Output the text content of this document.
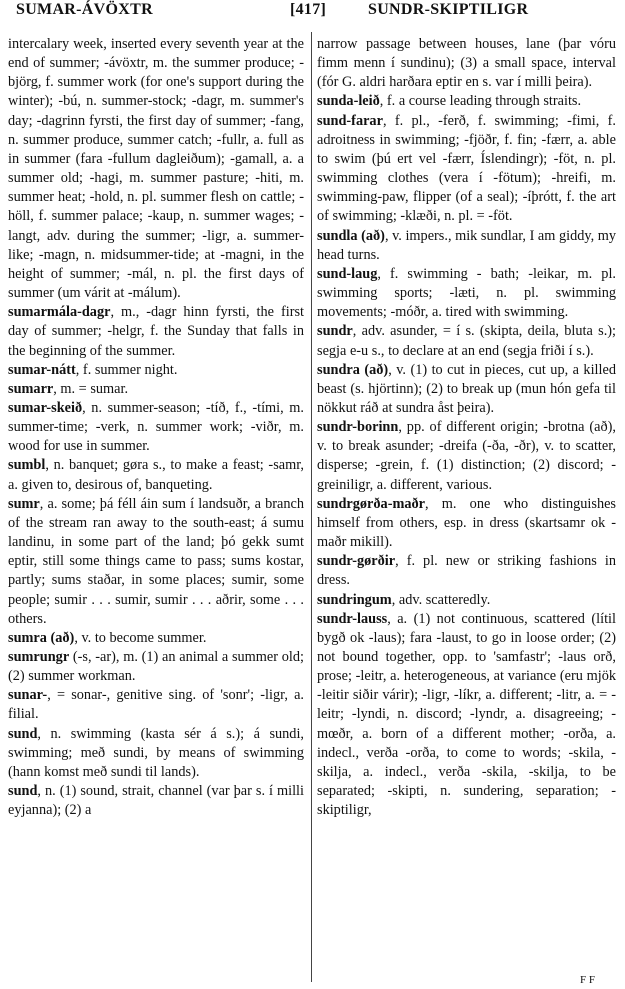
SUMAR-ÁVÖXTR	[417]	SUNDR-SKIPTILIGR

intercalary week, inserted every seventh year at the end of summer; -ávöxtr, m. the summer produce; -björg, f. summer work (for one's support during the winter); -bú, n. summer-stock; -dagr, m. summer's day; -dagrinn fyrsti, the first day of summer; -fang, n. summer produce, summer catch; -fullr, a. full as in summer (fara -fullum dagleiðum); -gamall, a. a summer old; -hagi, m. summer pasture; -hiti, m. summer heat; -hold, n. pl. summer flesh on cattle; -höll, f. summer palace; -kaup, n. summer wages; -langt, adv. during the summer; -ligr, a. summer-like; -magn, n. midsummer-tide; at -magni, in the height of summer; -mál, n. pl. the first days of summer (um várit at -málum).

sumarmála-dagr, m., -dagr hinn fyrsti, the first day of summer; -helgr, f. the Sunday that falls in the beginning of the summer.

sumar-nátt, f. summer night.

sumarr, m. = sumar.

sumar-skeið, n. summer-season; -tíð, f., -tími, m. summer-time; -verk, n. summer work; -viðr, m. wood for use in summer.

sumbl, n. banquet; gøra s., to make a feast; -samr, a. given to, desirous of, banqueting.

sumr, a. some; þá féll áin sum í landsuðr, a branch of the stream ran away to the south-east; á sumu landinu, in some part of the land; þó gekk sumt eptir, still some things came to pass; sums kostar, partly; sums staðar, in some places; sumir, some people; sumir . . . sumir, sumir . . . aðrir, some . . . others.

sumra (að), v. to become summer.

sumrungr (-s, -ar), m. (1) an animal a summer old; (2) summer workman.

sunar-, = sonar-, genitive sing. of 'sonr'; -ligr, a. filial.

sund, n. swimming (kasta sér á s.); á sundi, swimming; með sundi, by means of swimming (hann komst með sundi til lands).

sund, n. (1) sound, strait, channel (var þar s. í milli eyjanna); (2) a

narrow passage between houses, lane (þar vóru fimm menn í sundinu); (3) a small space, interval (fór G. aldri harðara eptir en s. var í milli þeira).

sunda-leið, f. a course leading through straits.

sund-farar, f. pl., -ferð, f. swimming; -fimi, f. adroitness in swimming; -fjöðr, f. fin; -færr, a. able to swim (þú ert vel -færr, Íslendingr); -föt, n. pl. swimming clothes (vera í -fötum); -hreifi, m. swimming-paw, flipper (of a seal); -íþrótt, f. the art of swimming; -klæði, n. pl. = -föt.

sundla (að), v. impers., mik sundlar, I am giddy, my head turns.

sund-laug, f. swimming - bath; -leikar, m. pl. swimming sports; -læti, n. pl. swimming movements; -móðr, a. tired with swimming.

sundr, adv. asunder, = í s. (skipta, deila, bluta s.); segja e-u s., to declare at an end (segja friði í s.).

sundra (að), v. (1) to cut in pieces, cut up, a killed beast (s. hjörtinn); (2) to break up (mun hón gefa til nökkut ráð at sundra åst þeira).

sundr-borinn, pp. of different origin; -brotna (að), v. to break asunder; -dreifa (-ða, -ðr), v. to scatter, disperse; -grein, f. (1) distinction; (2) discord; -greiniligr, a. different, various.

sundrgørða-maðr, m. one who distinguishes himself from others, esp. in dress (skartsamr ok -maðr mikill).

sundr-gørðir, f. pl. new or striking fashions in dress.

sundringum, adv. scatteredly.

sundr-lauss, a. (1) not continuous, scattered (lítil bygð ok -laus); fara -laust, to go in loose order; (2) not bound together, opp. to 'samfastr'; -laus orð, prose; -leitr, a. heterogeneous, at variance (eru mjök -leitir siðir várir); -ligr, -líkr, a. different; -litr, a. = -leitr; -lyndi, n. discord; -lyndr, a. disagreeing; -mœðr, a. born of a different mother; -orða, a. indecl., verða -orða, to come to words; -skila, -skilja, a. indecl., verða -skila, -skilja, to be separated; -skipti, n. sundering, separation; -skiptiligr,

F F
